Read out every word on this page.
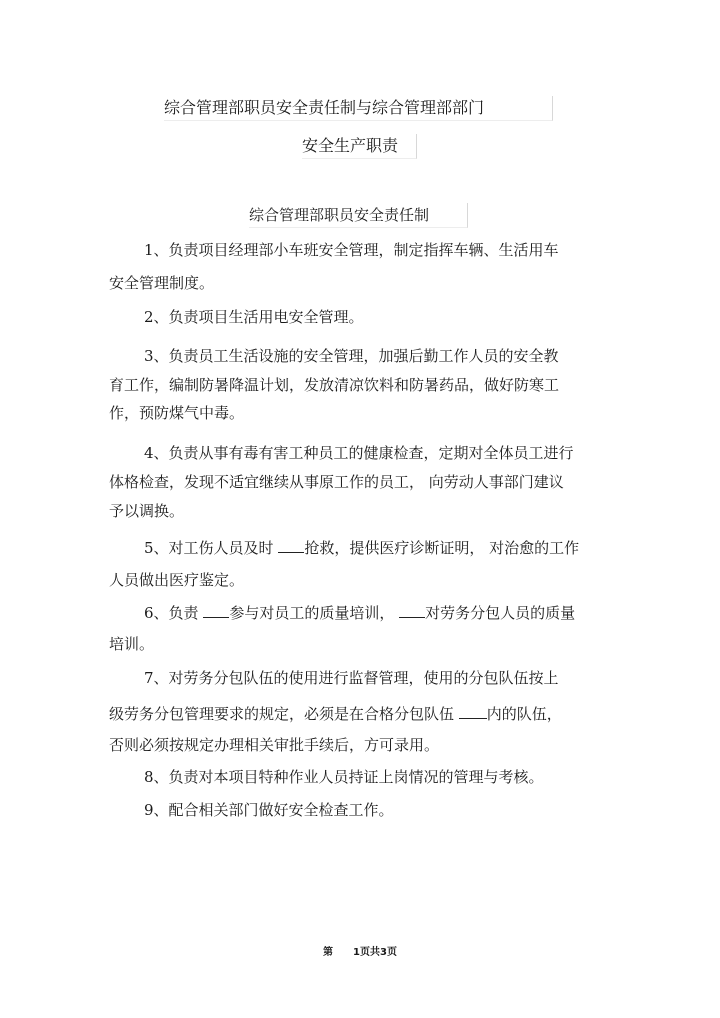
综合管理部职员安全责任制与综合管理部部门
安全生产职责
综合管理部职员安全责任制
1、负责项目经理部小车班安全管理，制定指挥车辆、生活用车
安全管理制度。
2、负责项目生活用电安全管理。
3、负责员工生活设施的安全管理，加强后勤工作人员的安全教
育工作，编制防暑降温计划，发放清凉饮料和防暑药品，做好防寒工
作，预防煤气中毒。
4、负责从事有毒有害工种员工的健康检查，定期对全体员工进行
体格检查，发现不适宜继续从事原工作的员工， 向劳动人事部门建议
予以调换。
5、对工伤人员及时 抢救，提供医疗诊断证明， 对治愈的工作
人员做出医疗鉴定。
6、负责 参与对员工的质量培训， 对劳务分包人员的质量
培训。
7、对劳务分包队伍的使用进行监督管理，使用的分包队伍按上
级劳务分包管理要求的规定，必须是在合格分包队伍 内的队伍，
否则必须按规定办理相关审批手续后，方可录用。
8、负责对本项目特种作业人员持证上岗情况的管理与考核。
9、配合相关部门做好安全检查工作。
第 1页共3页
